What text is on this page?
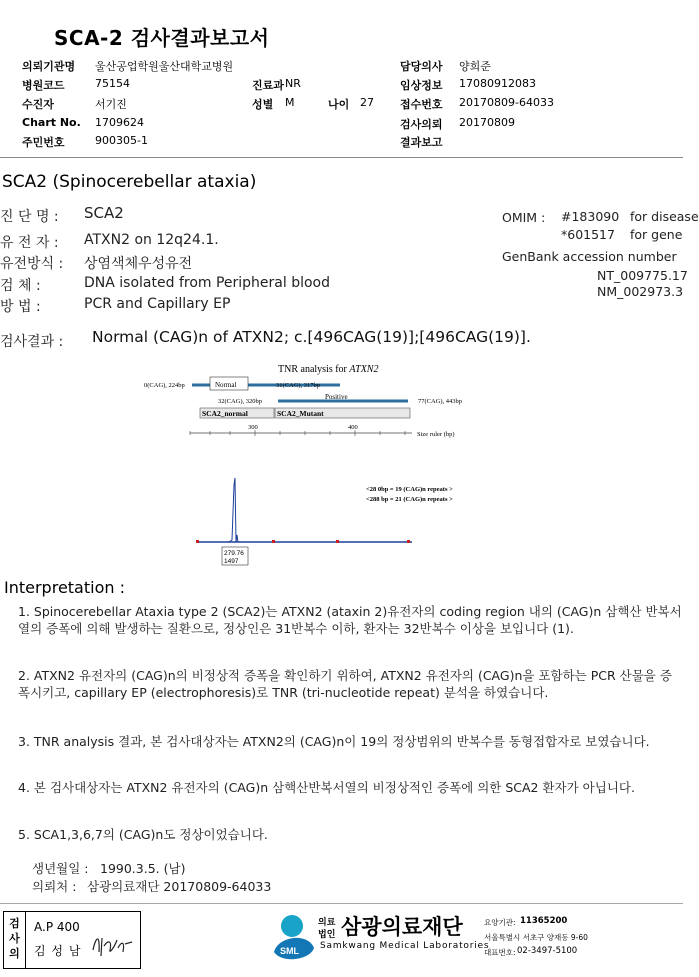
SCA-2 검사결과보고서
의뢰기관명 울산공업학원울산대학교병원
병원코드	75154	진료과 NR
수진자	서기진	성별 M	나이 27
Chart No. 1709624
주민번호	900305-1
담당의사 양희준
임상정보 17080912083
접수번호 20170809-64033
검사의뢰 20170809
결과보고
SCA2 (Spinocerebellar ataxia)
진 단 명 : SCA2
유 전 자 : ATXN2 on 12q24.1.
유전방식 : 상염색체우성유전
검 체 :	DNA isolated from Peripheral blood
방 법 :	PCR and Capillary EP
OMIM : #183090 for disease
*601517 for gene
GenBank accession number
NT_009775.17
NM_002973.3
검사결과 : Normal (CAG)n of ATXN2; c.[496CAG(19)];[496CAG(19)].
TNR analysis for ATXN2
0(CAG), 224bp	Normal	31(CAG), 317bp
32(CAG), 320bp
Positive
77(CAG), 443bp
SCA2_normal	SCA2_Mutant
300	400
Size ruler (bp)
<28 0bp = 19 (CAG)n repeats >
<288 bp = 21 (CAG)n repeats >
279.76
1497
Interpretation :
1. Spinocerebellar Ataxia type 2 (SCA2)는 ATXN2 (ataxin 2)유전자의 coding region 내의 (CAG)n 삼핵산 반복서열의 증폭에 의해 발생하는 질환으로, 정상인은 31반복수 이하, 환자는 32반복수 이상을 보입니다 (1).
2. ATXN2 유전자의 (CAG)n의 비정상적 증폭을 확인하기 위하여, ATXN2 유전자의 (CAG)n을 포함하는 PCR 산물을 증폭시키고, capillary EP (electrophoresis)로 TNR (tri-nucleotide repeat) 분석을 하였습니다.
3. TNR analysis 결과, 본 검사대상자는 ATXN2의 (CAG)n이 19의 정상범위의 반복수를 동형접합자로 보였습니다.
4. 본 검사대상자는 ATXN2 유전자의 (CAG)n 삼핵산반복서열의 비정상적인 증폭에 의한 SCA2 환자가 아닙니다.
5. SCA1,3,6,7의 (CAG)n도 정상이었습니다.
생년월일 : 1990.3.5. (남)
의뢰처 : 삼광의료재단 20170809-64033
검사의
A.P 400
김 성 남	SML
의료
법인 삼광의료재단
Samkwang Medical Laboratories
요양기관: 11365200
서울특별시 서초구 양재동 9-60
대표번호: 02-3497-5100
